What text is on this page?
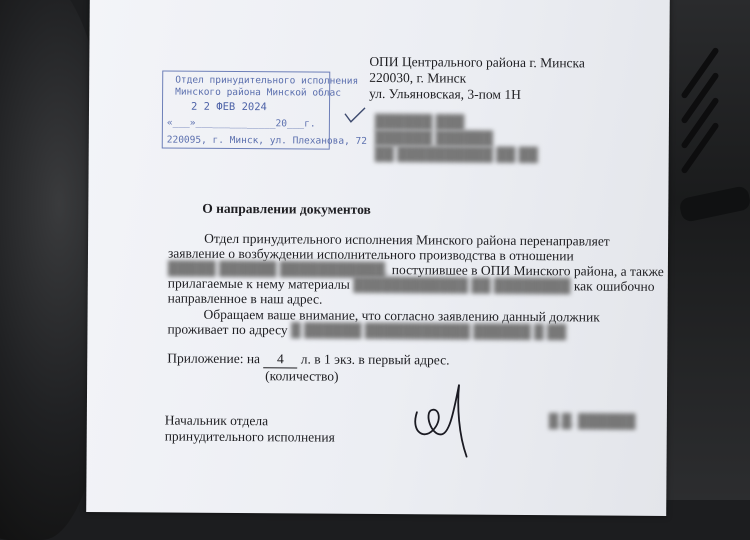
Отдел принудительного исполнения
Минского района Минской облас
2 2 ФЕВ 2024
«___»______________20___г.
220095, г. Минск, ул. Плеханова, 72
ОПИ Центрального района г. Минска
220030, г. Минск
ул. Ульяновская, 3-пом 1Н
██████ ███
██████ ██████
██ ██████████ ██ ██
О направлении документов
Отдел принудительного исполнения Минского района перенаправляет
заявление о возбуждении исполнительного производства в отношении
█████ ██████ ███████████, поступившее в ОПИ Минского района, а также
прилагаемые к нему материалы ████████████ ██ ████████ как ошибочно
направленное в наш адрес.
Обращаем ваше внимание, что согласно заявлению данный должник
проживает по адресу █ ██████ ███████████ ██████ █ ██
Приложение: на 4 л. в 1 экз. в первый адрес.
(количество)
Начальник отдела
принудительного исполнения
█.█. ██████
